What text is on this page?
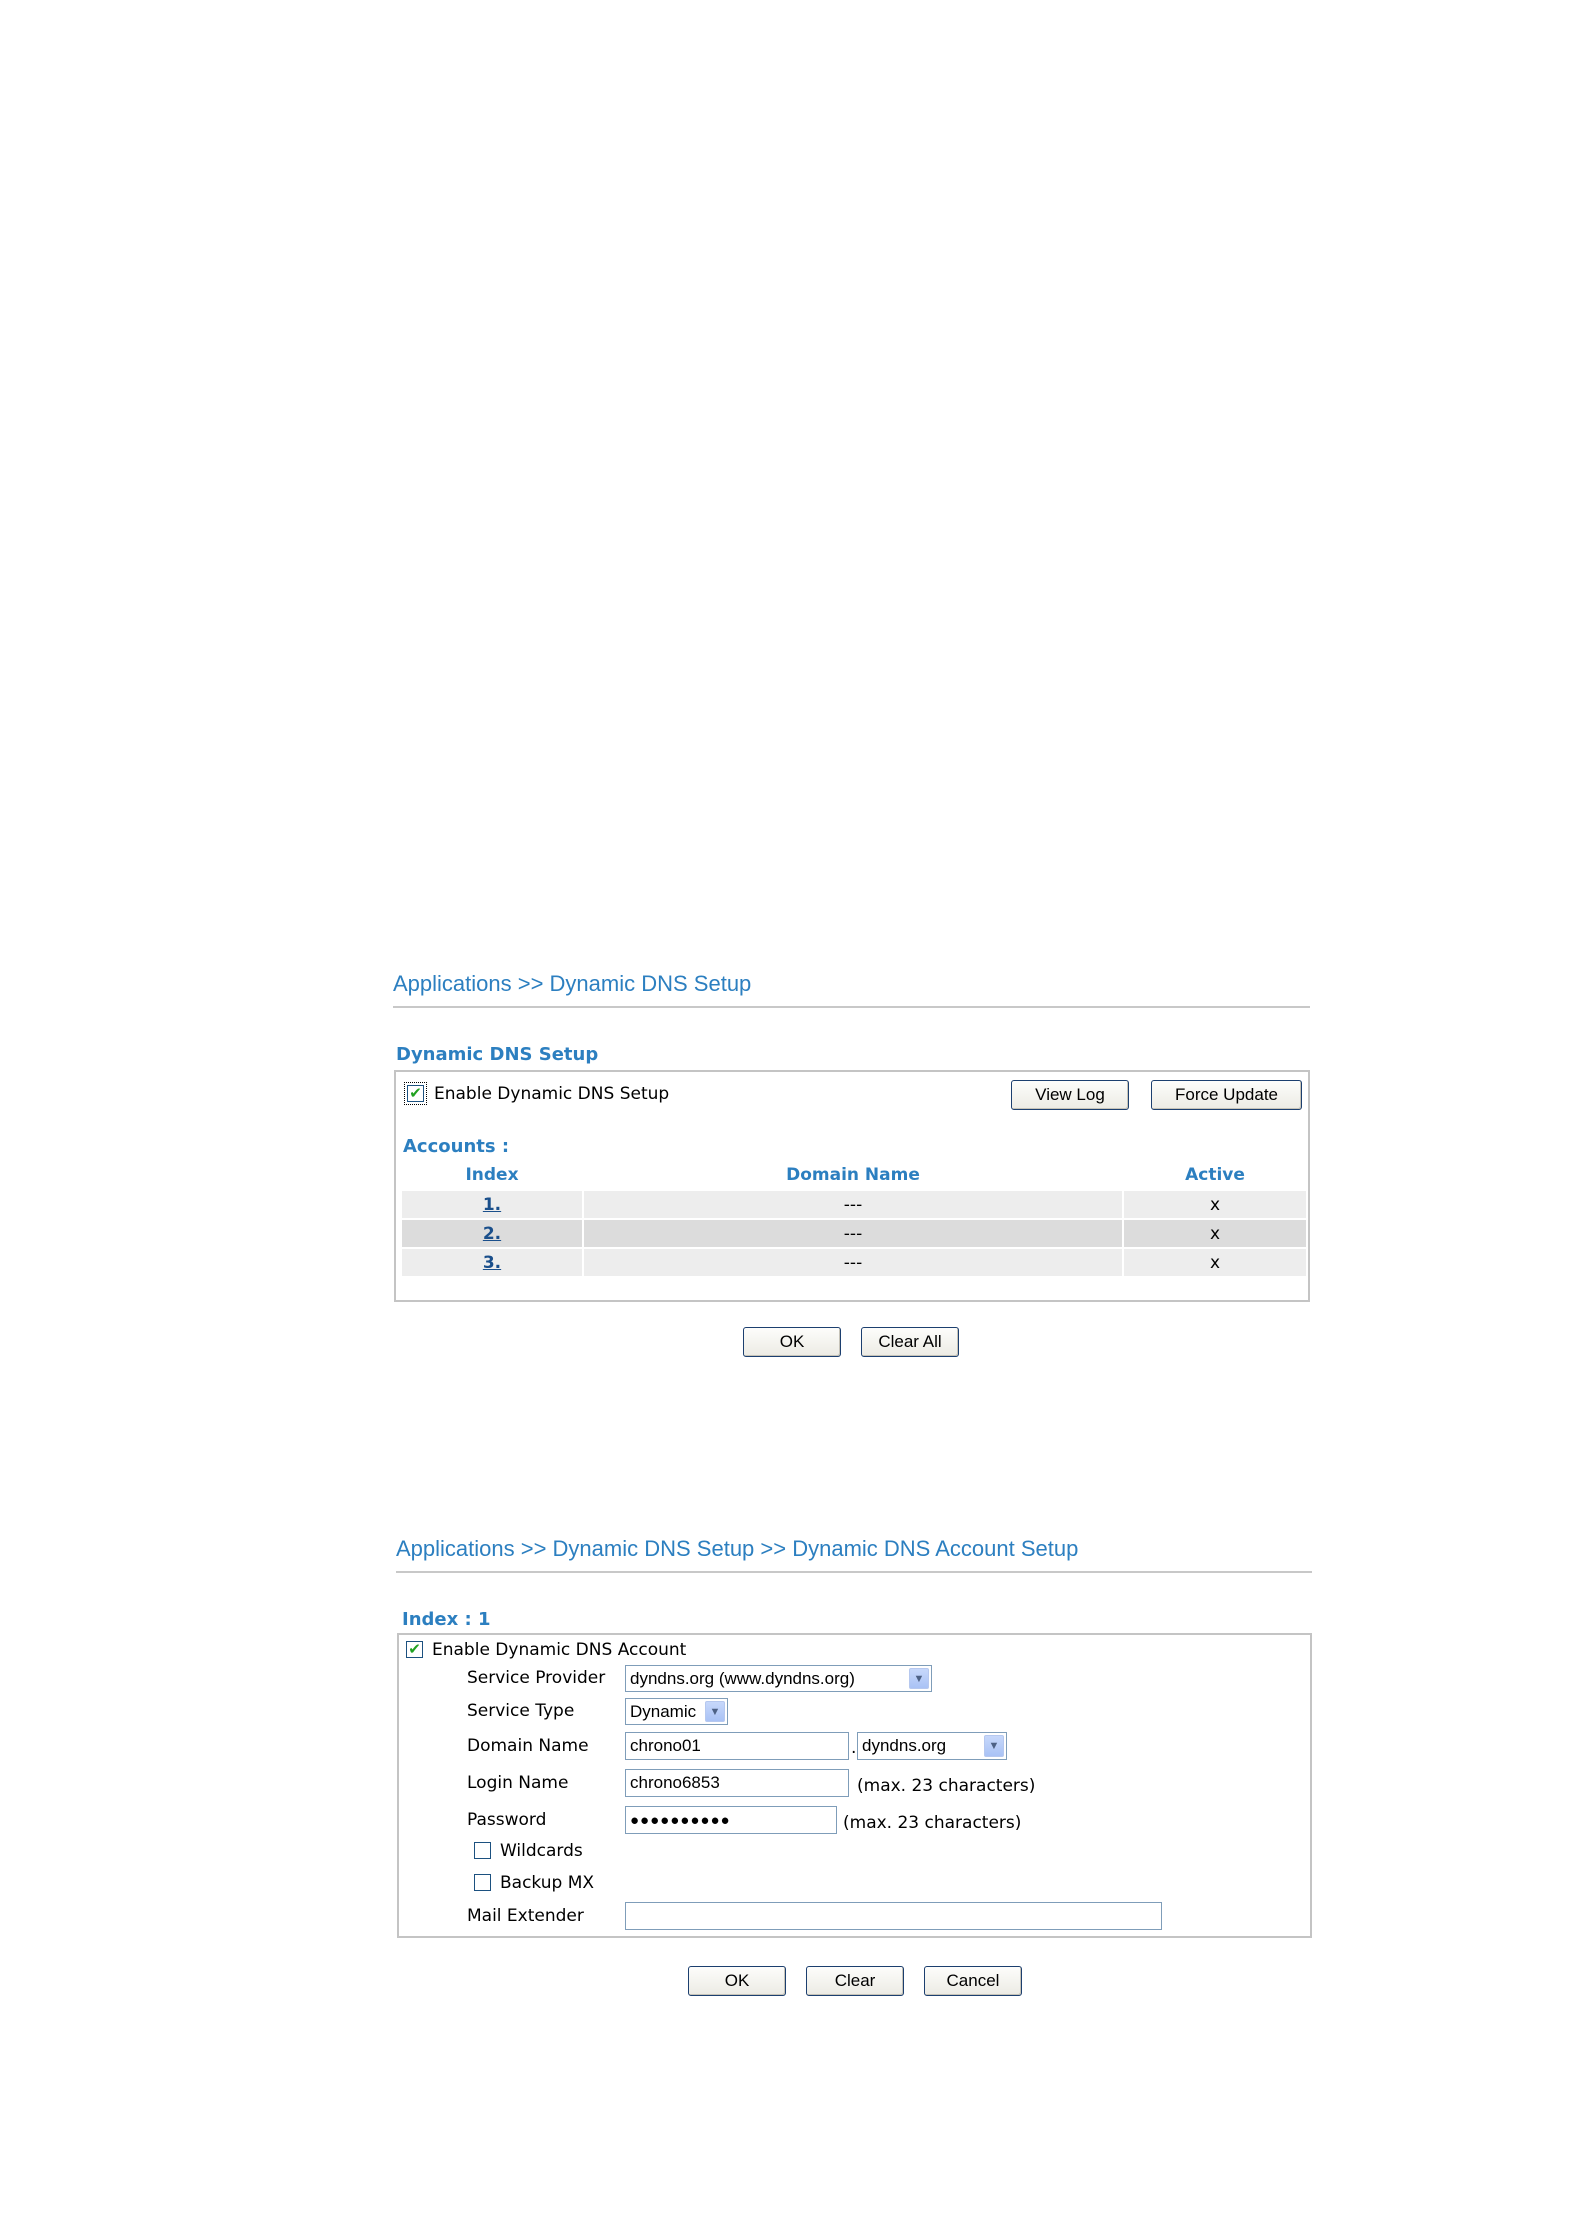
Applications >> Dynamic DNS Setup
Dynamic DNS Setup
✔ Enable Dynamic DNS Setup	View Log	Force Update
Accounts :
Index	Domain Name	Active
1.	---	x
2.	---	x
3.	---	x
OK	Clear All
Applications >> Dynamic DNS Setup >> Dynamic DNS Account Setup
Index : 1
✔ Enable Dynamic DNS Account
Service Provider dyndns.org (www.dyndns.org)	▼
Service Type	Dynamic	▼
Domain Name chrono01	. dyndns.org	▼
Login Name	chrono6853	(max. 23 characters)
Password	●●●●●●●●●●	(max. 23 characters)
Wildcards
Backup MX
Mail Extender
OK	Clear	Cancel
